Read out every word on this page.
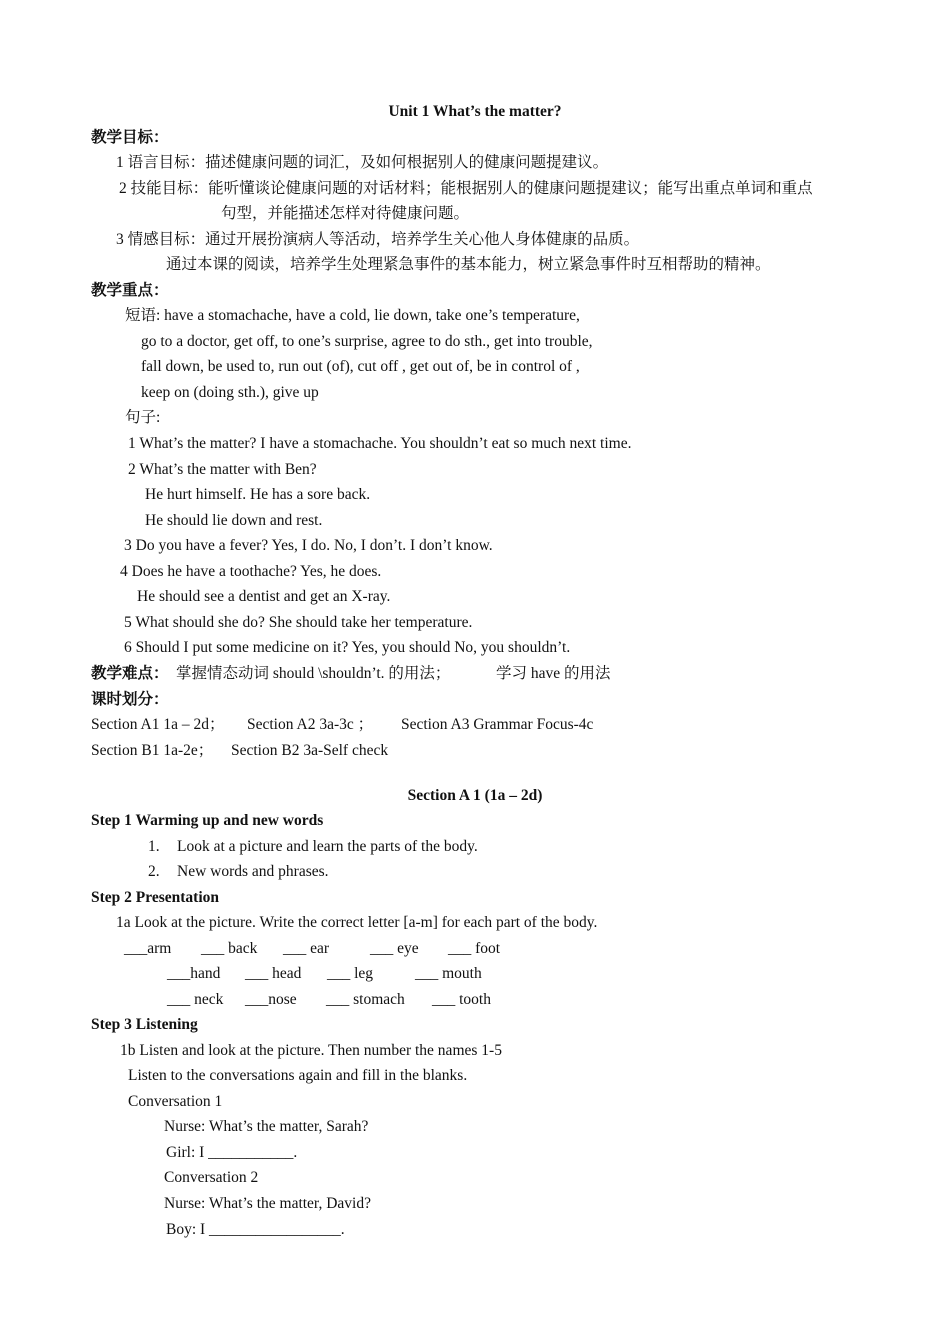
Unit 1 What’s the matter?
教学目标：
1 语言目标：描述健康问题的词汇，及如何根据别人的健康问题提建议。
2 技能目标：能听懂谈论健康问题的对话材料；能根据别人的健康问题提建议；能写出重点单词和重点
句型，并能描述怎样对待健康问题。
3 情感目标：通过开展扮演病人等活动，培养学生关心他人身体健康的品质。
通过本课的阅读，培养学生处理紧急事件的基本能力，树立紧急事件时互相帮助的精神。
教学重点：
短语: have a stomachache, have a cold, lie down, take one’s temperature,
go to a doctor, get off, to one’s surprise, agree to do sth., get into trouble,
fall down, be used to, run out (of), cut off , get out of, be in control of ,
keep on (doing sth.), give up
句子:
1 What’s the matter? I have a stomachache. You shouldn’t eat so much next time.
2 What’s the matter with Ben?
He hurt himself. He has a sore back.
He should lie down and rest.
3 Do you have a fever? Yes, I do. No, I don’t. I don’t know.
4 Does he have a toothache? Yes, he does.
He should see a dentist and get an X-ray.
5 What should she do? She should take her temperature.
6 Should I put some medicine on it? Yes, you should No, you shouldn’t.
教学难点： 掌握情态动词 should \shouldn’t. 的用法；	学习 have 的用法
课时划分：
Section A1 1a – 2d； Section A2 3a-3c ； Section A3 Grammar Focus-4c
Section B1 1a-2e； Section B2 3a-Self check
Section A 1 (1a – 2d)
Step 1 Warming up and new words
1. Look at a picture and learn the parts of the body.
2. New words and phrases.
Step 2 Presentation
1a Look at the picture. Write the correct letter [a-m] for each part of the body.
___arm ___ back ___ ear	___ eye ___ foot
___hand ___ head ___ leg	___ mouth
___ neck ___nose ___ stomach ___ tooth
Step 3 Listening
1b Listen and look at the picture. Then number the names 1-5
Listen to the conversations again and fill in the blanks.
Conversation 1
Nurse: What’s the matter, Sarah?
Girl: I ___________.
Conversation 2
Nurse: What’s the matter, David?
Boy: I _________________.
